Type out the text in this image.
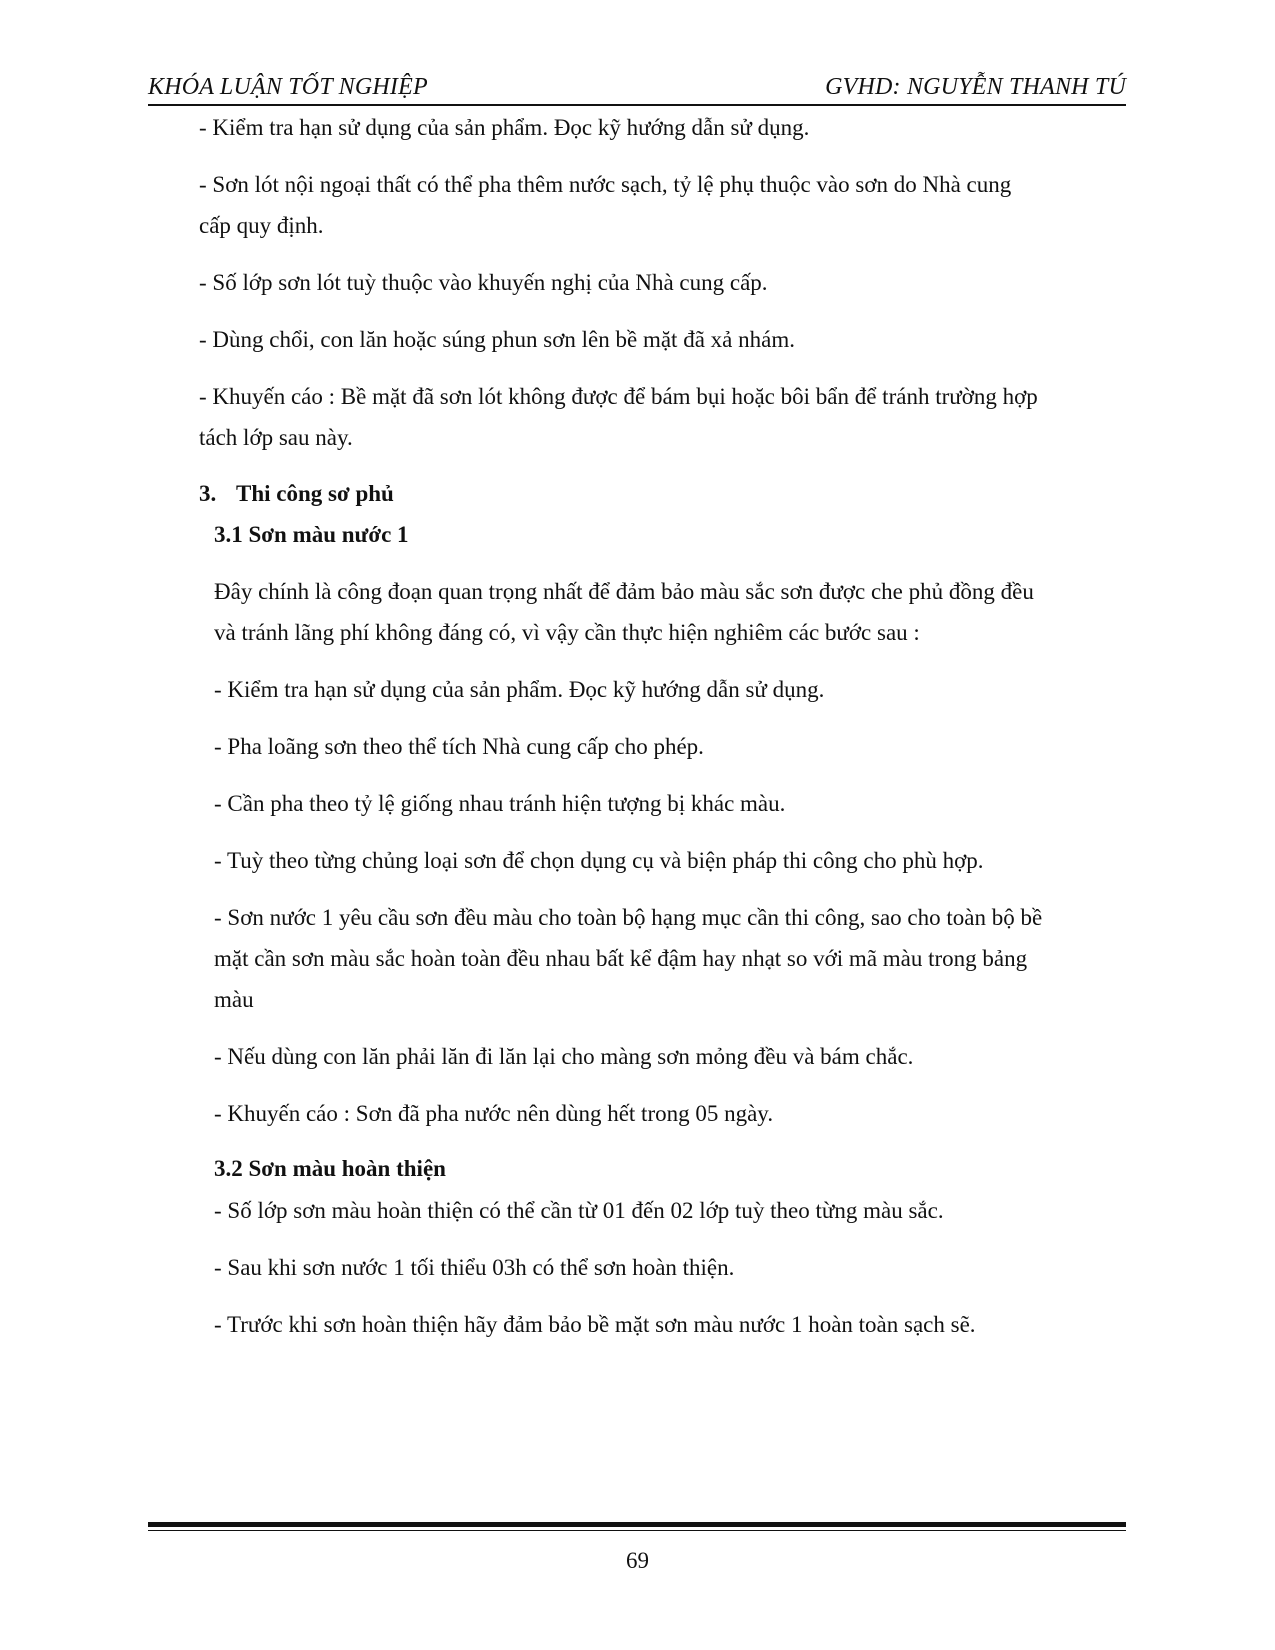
KHÓA LUẬN TỐT NGHIỆP	GVHD: NGUYỄN THANH TÚ
- Kiểm tra hạn sử dụng của sản phẩm. Đọc kỹ hướng dẫn sử dụng.
- Sơn lót nội ngoại thất có thể pha thêm nước sạch, tỷ lệ phụ thuộc vào sơn do Nhà cung
cấp quy định.
- Số lớp sơn lót tuỳ thuộc vào khuyến nghị của Nhà cung cấp.
- Dùng chổi, con lăn hoặc súng phun sơn lên bề mặt đã xả nhám.
- Khuyến cáo : Bề mặt đã sơn lót không được để bám bụi hoặc bôi bẩn để tránh trường hợp
tách lớp sau này.
3. Thi công sơ phủ
3.1 Sơn màu nước 1
Đây chính là công đoạn quan trọng nhất để đảm bảo màu sắc sơn được che phủ đồng đều
và tránh lãng phí không đáng có, vì vậy cần thực hiện nghiêm các bước sau :
- Kiểm tra hạn sử dụng của sản phẩm. Đọc kỹ hướng dẫn sử dụng.
- Pha loãng sơn theo thể tích Nhà cung cấp cho phép.
- Cần pha theo tỷ lệ giống nhau tránh hiện tượng bị khác màu.
- Tuỳ theo từng chủng loại sơn để chọn dụng cụ và biện pháp thi công cho phù hợp.
- Sơn nước 1 yêu cầu sơn đều màu cho toàn bộ hạng mục cần thi công, sao cho toàn bộ bề
mặt cần sơn màu sắc hoàn toàn đều nhau bất kể đậm hay nhạt so với mã màu trong bảng
màu
- Nếu dùng con lăn phải lăn đi lăn lại cho màng sơn mỏng đều và bám chắc.
- Khuyến cáo : Sơn đã pha nước nên dùng hết trong 05 ngày.
3.2 Sơn màu hoàn thiện
- Số lớp sơn màu hoàn thiện có thể cần từ 01 đến 02 lớp tuỳ theo từng màu sắc.
- Sau khi sơn nước 1 tối thiểu 03h có thể sơn hoàn thiện.
- Trước khi sơn hoàn thiện hãy đảm bảo bề mặt sơn màu nước 1 hoàn toàn sạch sẽ.
69
